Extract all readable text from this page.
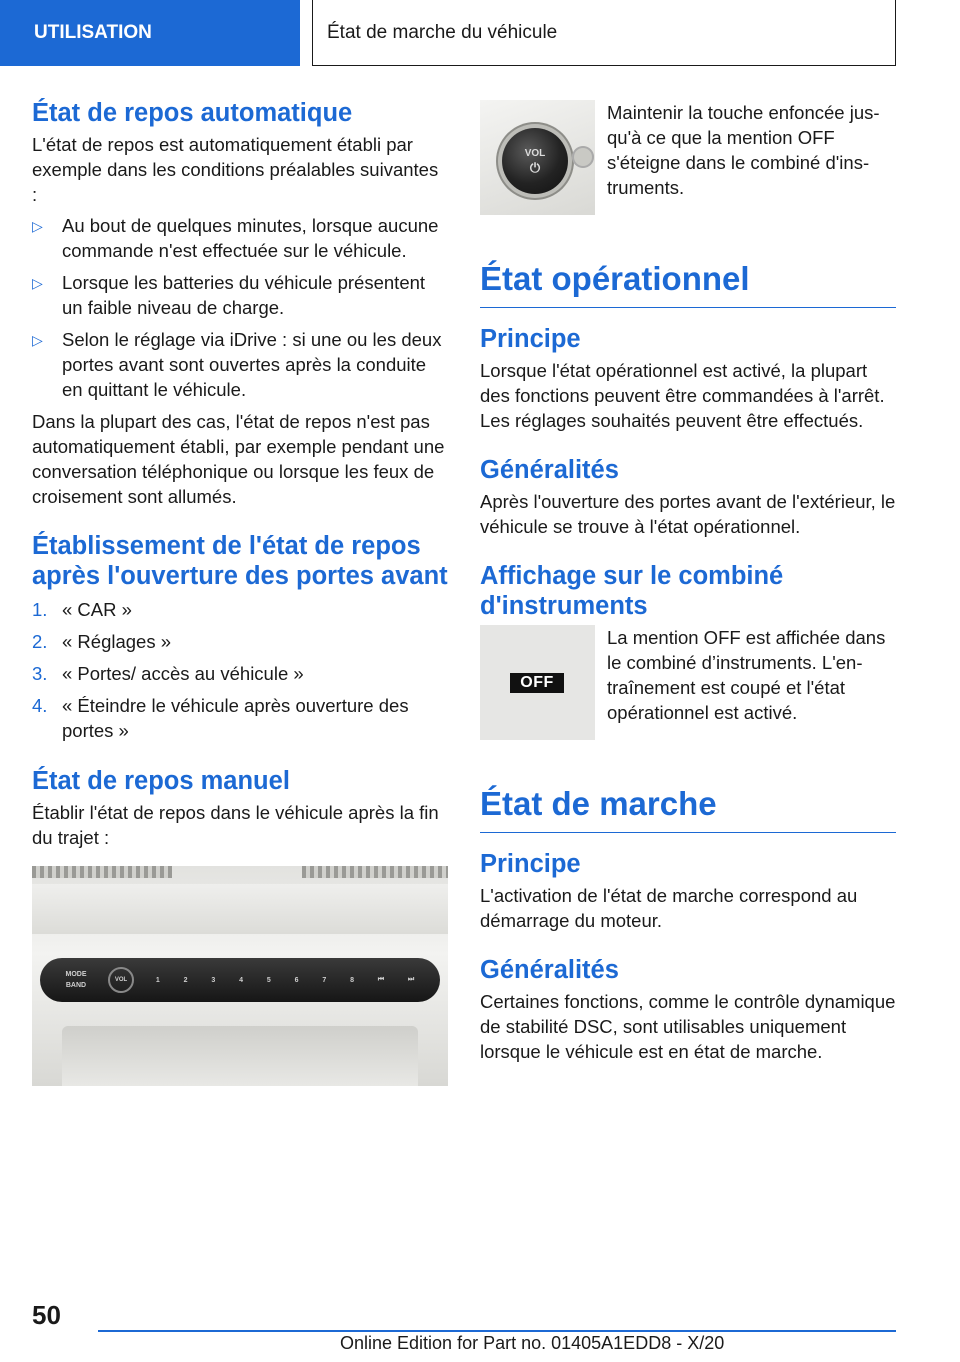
UTILISATION	État de marche du véhicule
État de repos automatique

L'état de repos est automatiquement établi par exemple dans les conditions préalables suivantes :

▷ Au bout de quelques minutes, lorsque aucune commande n'est effectuée sur le véhicule.
▷ Lorsque les batteries du véhicule présentent un faible niveau de charge.
▷ Selon le réglage via iDrive : si une ou les deux portes avant sont ouvertes après la conduite en quittant le véhicule.

Dans la plupart des cas, l'état de repos n'est pas automatiquement établi, par exemple pendant une conversation téléphonique ou lorsque les feux de croisement sont allumés.

Établissement de l'état de repos après l'ouverture des portes avant
1. « CAR »
2. « Réglages »
3. « Portes/ accès au véhicule »
4. « Éteindre le véhicule après ouverture des portes »
État de repos manuel

Établir l'état de repos dans le véhicule après la fin du trajet :

MODE
BAND
VOL	1	2	3	4	5	6	7	8	⏮	⏭
VOL
⏻

Maintenir la touche enfoncée jusqu'à ce que la mention OFF s'éteigne dans le combiné d'instruments.

État opérationnel
Principe

Lorsque l'état opérationnel est activé, la plupart des fonctions peuvent être commandées à l'arrêt. Les réglages souhaités peuvent être effectués.

Généralités

Après l'ouverture des portes avant de l'extérieur, le véhicule se trouve à l'état opérationnel.

Affichage sur le combiné d'instruments
OFF

La mention OFF est affichée dans le combiné d’instruments. L'entraînement est coupé et l'état opérationnel est activé.

État de marche
Principe

L'activation de l'état de marche correspond au démarrage du moteur.

Généralités

Certaines fonctions, comme le contrôle dynamique de stabilité DSC, sont utilisables uniquement lorsque le véhicule est en état de marche.

50
Online Edition for Part no. 01405A1EDD8 - X/20
